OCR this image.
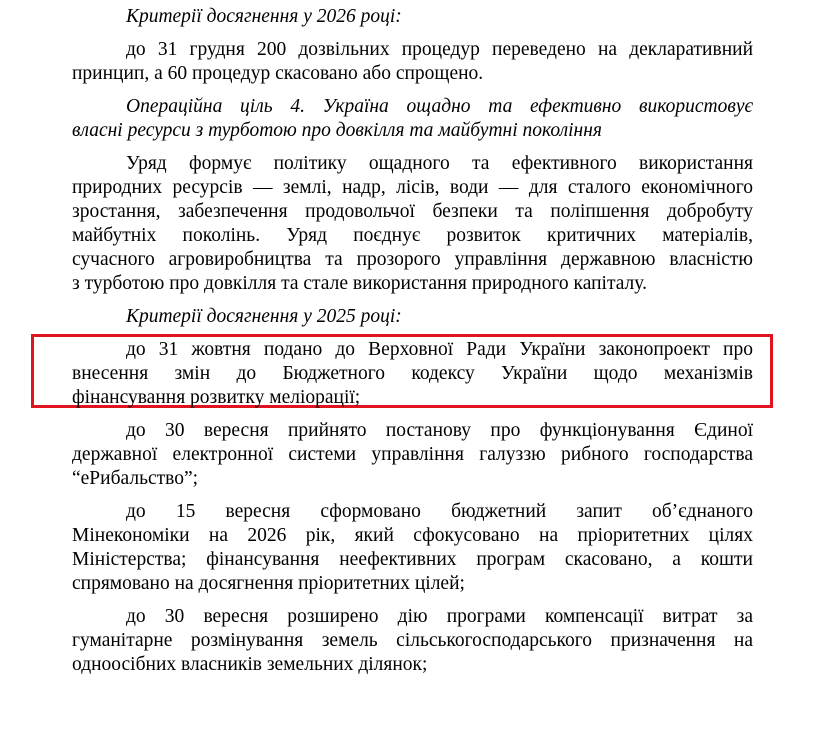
Критерії досягнення у 2026 році:

до 31 грудня 200 дозвільних процедур переведено на декларативний

принцип, а 60 процедур скасовано або спрощено.

Операційна ціль 4. Україна ощадно та ефективно використовує

власні ресурси з турботою про довкілля та майбутні покоління

Уряд формує політику ощадного та ефективного використання

природних ресурсів — землі, надр, лісів, води — для сталого економічного

зростання, забезпечення продовольчої безпеки та поліпшення добробуту

майбутніх поколінь. Уряд поєднує розвиток критичних матеріалів,

сучасного агровиробництва та прозорого управління державною власністю

з турботою про довкілля та стале використання природного капіталу.

Критерії досягнення у 2025 році:

до 31 жовтня подано до Верховної Ради України законопроект про

внесення змін до Бюджетного кодексу України щодо механізмів

фінансування розвитку меліорації;

до 30 вересня прийнято постанову про функціонування Єдиної

державної електронної системи управління галуззю рибного господарства

“еРибальство”;

до 15 вересня сформовано бюджетний запит об’єднаного

Мінекономіки на 2026 рік, який сфокусовано на пріоритетних цілях

Міністерства; фінансування неефективних програм скасовано, а кошти

спрямовано на досягнення пріоритетних цілей;

до 30 вересня розширено дію програми компенсації витрат за

гуманітарне розмінування земель сільськогосподарського призначення на

одноосібних власників земельних ділянок;
